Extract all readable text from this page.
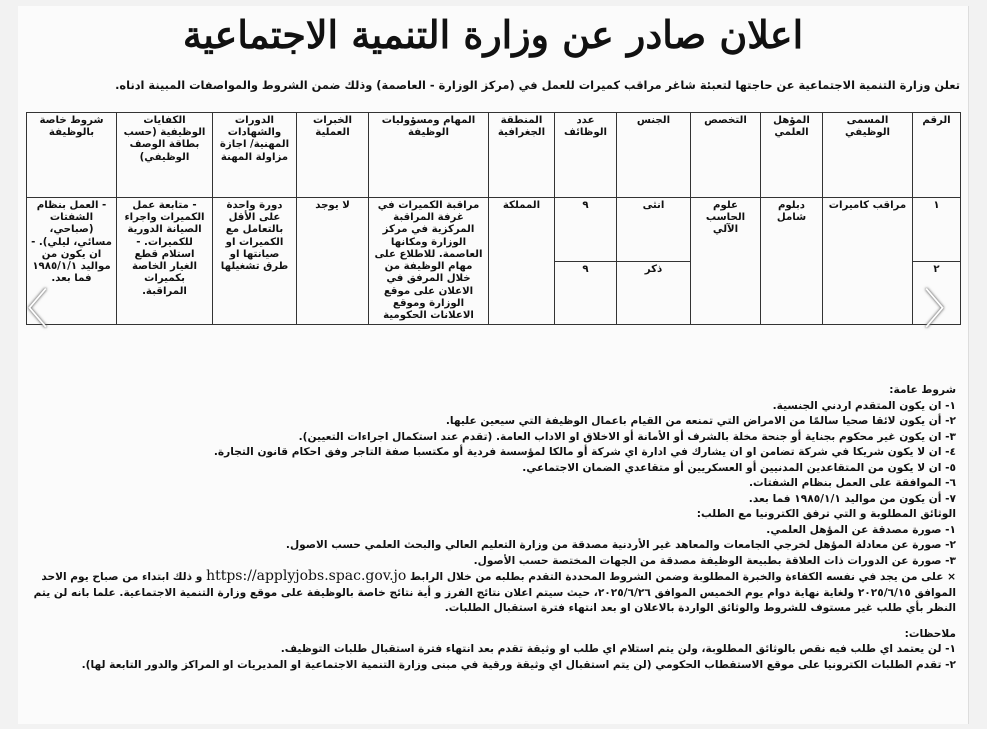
اعلان صادر عن وزارة التنمية الاجتماعية
تعلن وزارة التنمية الاجتماعية عن حاجتها لتعبئة شاغر مراقب كميرات للعمل في (مركز الوزارة - العاصمة) وذلك ضمن الشروط والمواصفات المبينة ادناه.
الرقم	المسمى الوظيفي	المؤهل العلمي	التخصص	الجنس	عدد الوظائف	المنطقة الجغرافية	المهام ومسؤوليات الوظيفة	الخبرات العملية	الدورات والشهادات المهنية/ اجازة مزاولة المهنة	الكفايات الوظيفية (حسب بطاقة الوصف الوظيفي)	شروط خاصة بالوظيفة
١	مراقب كاميرات	دبلوم شامل	علوم الحاسب الآلي	انثى	٩	المملكة	مراقبة الكميرات في غرفة المراقبة المركزية في مركز الوزارة ومكانها العاصمة. للاطلاع على مهام الوظيفة من خلال المرفق في الاعلان على موقع الوزارة وموقع الاعلانات الحكومية	لا يوجد	دورة واحدة على الأقل بالتعامل مع الكميرات او صيانتها او طرق تشغيلها	- متابعة عمل الكميرات واجراء الصيانة الدورية للكميرات. - استلام قطع الغيار الخاصة بكميرات المراقبة.	- العمل بنظام الشفتات (صباحي، مسائي، ليلي). - ان يكون من مواليد ١٩٨٥/١/١ فما بعد.
٢				ذكر	٩						

شروط عامة:

١- ان يكون المتقدم اردني الجنسية.

٢- أن يكون لائقا صحيا سالمًا من الامراض التي تمنعه من القيام باعمال الوظيفة التي سيعين عليها.

٣- ان يكون غير محكوم بجناية أو جنحة مخلة بالشرف أو الأمانة أو الاخلاق او الاداب العامة. (تقدم عند استكمال اجراءات التعيين).

٤- ان لا يكون شريكا في شركة تضامن او ان يشارك في ادارة اي شركة أو مالكا لمؤسسة فردية أو مكتسبا صفة التاجر وفق احكام قانون التجارة.

٥- ان لا يكون من المتقاعدين المدنيين أو العسكريين أو متقاعدي الضمان الاجتماعي.

٦- الموافقة على العمل بنظام الشفتات.

٧- أن يكون من مواليد ١٩٨٥/١/١ فما بعد.

الوثائق المطلوبة و التي ترفق الكترونيا مع الطلب:

١- صورة مصدقة عن المؤهل العلمي.

٢- صورة عن معادلة المؤهل لخرجي الجامعات والمعاهد غير الأردنية مصدقة من وزارة التعليم العالي والبحث العلمي حسب الاصول.

٣- صورة عن الدورات ذات العلاقة بطبيعة الوظيفة مصدقة من الجهات المختصة حسب الأصول.

× على من يجد في نفسه الكفاءة والخبرة المطلوبة وضمن الشروط المحددة التقدم بطلبه من خلال الرابط https://applyjobs.spac.gov.jo و ذلك ابتداء من صباح يوم الاحد الموافق ٢٠٢٥/٦/١٥ ولغاية نهاية دوام يوم الخميس الموافق ٢٠٢٥/٦/٢٦، حيث سيتم اعلان نتائج الفرز و أية نتائج خاصة بالوظيفة على موقع وزارة التنمية الاجتماعية. علما بانه لن يتم النظر بأي طلب غير مستوف للشروط والوثائق الواردة بالاعلان او بعد انتهاء فترة استقبال الطلبات.

ملاحظات:

١- لن يعتمد اي طلب فيه نقص بالوثائق المطلوبة، ولن يتم استلام اي طلب او وثيقة تقدم بعد انتهاء فترة استقبال طلبات التوظيف.

٢- تقدم الطلبات الكترونيا على موقع الاستقطاب الحكومي (لن يتم استقبال اي وثيقة ورقية في مبنى وزارة التنمية الاجتماعية او المديريات او المراكز والدور التابعة لها).

〈	〉
